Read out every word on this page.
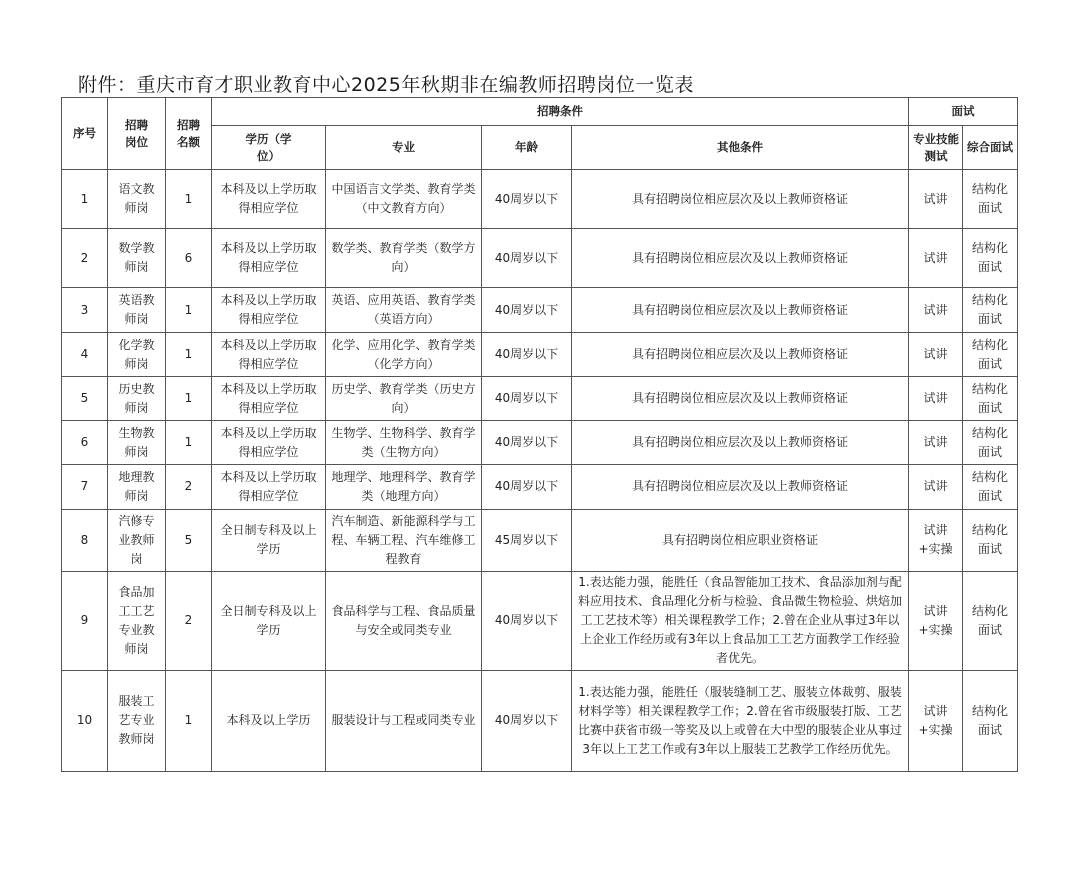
附件：重庆市育才职业教育中心2025年秋期非在编教师招聘岗位一览表
序号	招聘岗位	招聘名额	招聘条件				面试	
			学历（学位）	专业	年龄	其他条件	专业技能测试	综合面试
1	语文教师岗	1	本科及以上学历取得相应学位	中国语言文学类、教育学类（中文教育方向）	40周岁以下	具有招聘岗位相应层次及以上教师资格证	试讲	结构化面试
2	数学教师岗	6	本科及以上学历取得相应学位	数学类、教育学类（数学方向）	40周岁以下	具有招聘岗位相应层次及以上教师资格证	试讲	结构化面试
3	英语教师岗	1	本科及以上学历取得相应学位	英语、应用英语、教育学类（英语方向）	40周岁以下	具有招聘岗位相应层次及以上教师资格证	试讲	结构化面试
4	化学教师岗	1	本科及以上学历取得相应学位	化学、应用化学、教育学类（化学方向）	40周岁以下	具有招聘岗位相应层次及以上教师资格证	试讲	结构化面试
5	历史教师岗	1	本科及以上学历取得相应学位	历史学、教育学类（历史方向）	40周岁以下	具有招聘岗位相应层次及以上教师资格证	试讲	结构化面试
6	生物教师岗	1	本科及以上学历取得相应学位	生物学、生物科学、教育学类（生物方向）	40周岁以下	具有招聘岗位相应层次及以上教师资格证	试讲	结构化面试
7	地理教师岗	2	本科及以上学历取得相应学位	地理学、地理科学、教育学类（地理方向）	40周岁以下	具有招聘岗位相应层次及以上教师资格证	试讲	结构化面试
8	汽修专业教师岗	5	全日制专科及以上学历	汽车制造、新能源科学与工程、车辆工程、汽车维修工程教育	45周岁以下	具有招聘岗位相应职业资格证	试讲+实操	结构化面试
9	食品加工工艺专业教师岗	2	全日制专科及以上学历	食品科学与工程、食品质量与安全或同类专业	40周岁以下	1.表达能力强，能胜任（食品智能加工技术、食品添加剂与配料应用技术、食品理化分析与检验、食品微生物检验、烘焙加工工艺技术等）相关课程教学工作；2.曾在企业从事过3年以上企业工作经历或有3年以上食品加工工艺方面教学工作经验者优先。	试讲+实操	结构化面试
10	服装工艺专业教师岗	1	本科及以上学历	服装设计与工程或同类专业	40周岁以下	1.表达能力强，能胜任（服装缝制工艺、服装立体裁剪、服装材料学等）相关课程教学工作；2.曾在省市级服装打版、工艺比赛中获省市级一等奖及以上或曾在大中型的服装企业从事过3年以上工艺工作或有3年以上服装工艺教学工作经历优先。	试讲+实操	结构化面试
